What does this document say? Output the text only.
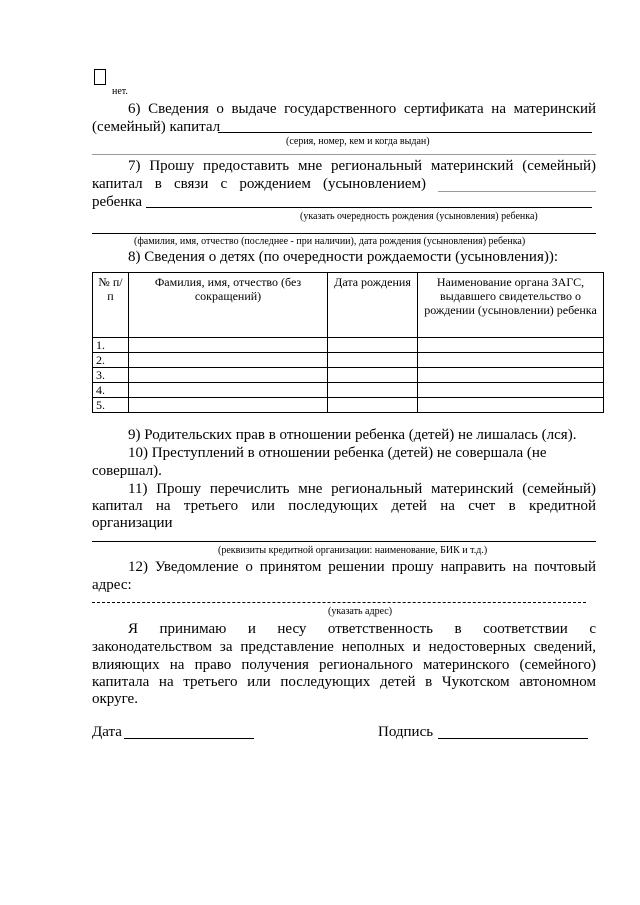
нет.
6) Сведения о выдаче государственного сертификата на материнский
(семейный) капитал
(серия, номер, кем и когда выдан)
7) Прошу предоставить мне региональный материнский (семейный)
капитал в связи с рождением (усыновлением)
ребенка
(указать очередность рождения (усыновления) ребенка)
(фамилия, имя, отчество (последнее - при наличии), дата рождения (усыновления) ребенка)
8) Сведения о детях (по очередности рождаемости (усыновления)):
№ п/п	Фамилия, имя, отчество (без сокращений)	Дата рождения	Наименование органа ЗАГС, выдавшего свидетельство о рождении (усыновлении) ребенка
1.			
2.			
3.			
4.			
5.			
9) Родительских прав в отношении ребенка (детей) не лишалась (лся).
10) Преступлений в отношении ребенка (детей) не совершала (не
совершал).
11) Прошу перечислить мне региональный материнский (семейный)
капитал на третьего или последующих детей на счет в кредитной
организации
(реквизиты кредитной организации: наименование, БИК и т.д.)
12) Уведомление о принятом решении прошу направить на почтовый
адрес:
(указать адрес)
Я принимаю и несу ответственность в соответствии с
законодательством за представление неполных и недостоверных сведений,
влияющих на право получения регионального материнского (семейного)
капитала на третьего или последующих детей в Чукотском автономном
округе.
Дата	Подпись
